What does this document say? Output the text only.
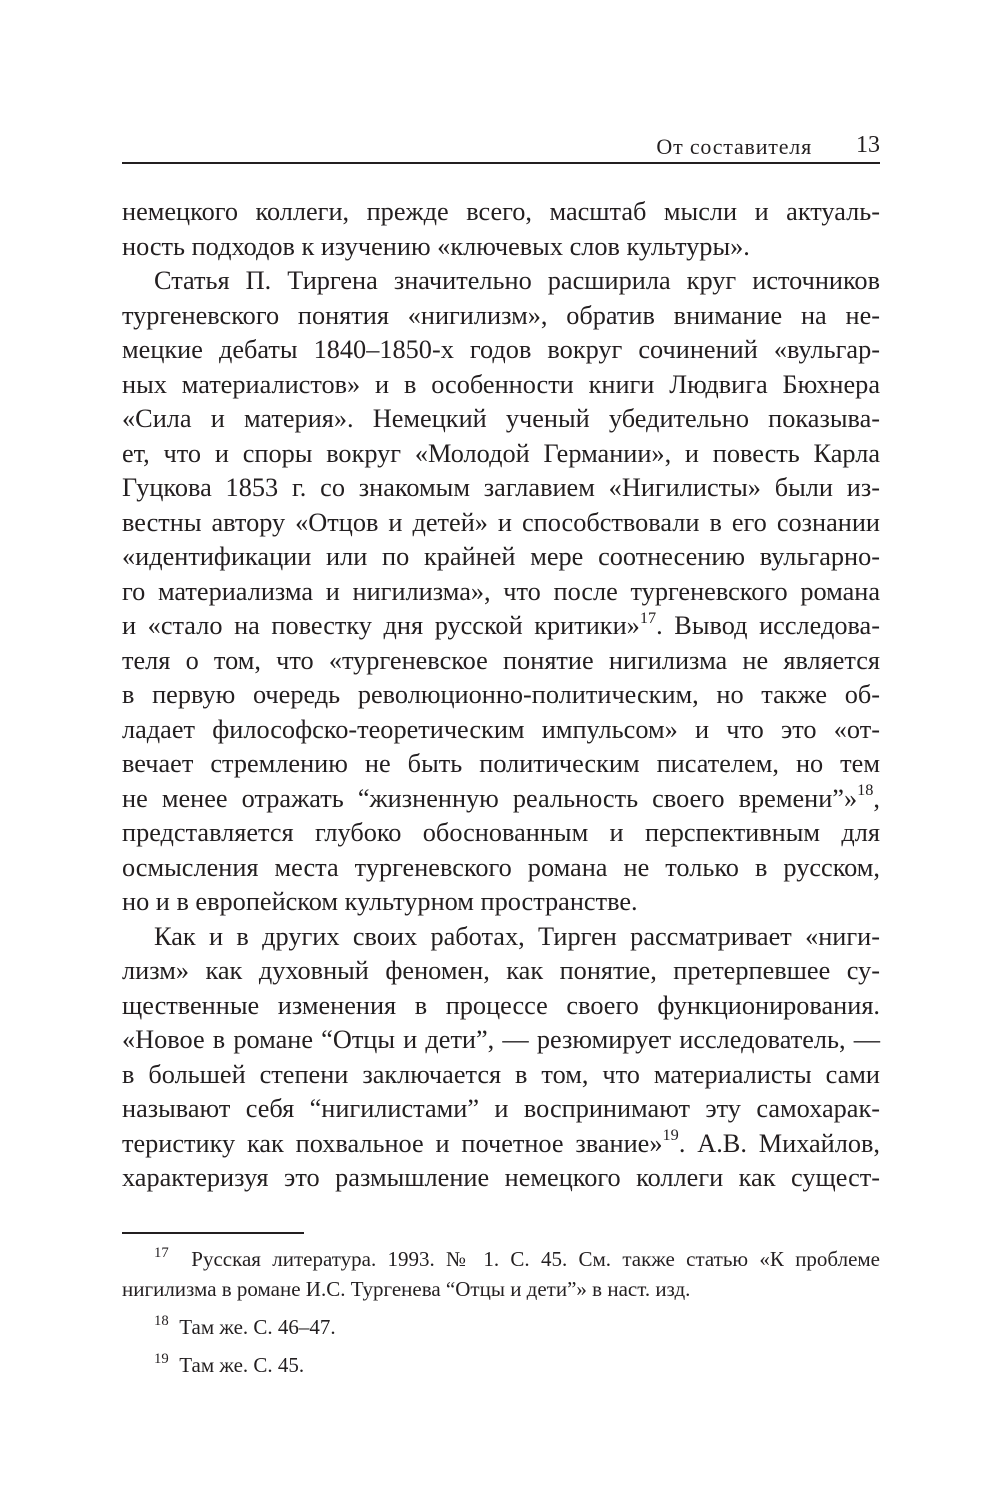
От составителя 13
немецкого коллеги, прежде всего, масштаб мысли и актуаль-
ность подходов к изучению «ключевых слов культуры».
Статья П. Тиргена значительно расширила круг источников
тургеневского понятия «нигилизм», обратив внимание на не-
мецкие дебаты 1840–1850-х годов вокруг сочинений «вульгар-
ных материалистов» и в особенности книги Людвига Бюхнера
«Сила и материя». Немецкий ученый убедительно показыва-
ет, что и споры вокруг «Молодой Германии», и повесть Карла
Гуцкова 1853 г. со знакомым заглавием «Нигилисты» были из-
вестны автору «Отцов и детей» и способствовали в его сознании
«идентификации или по крайней мере соотнесению вульгарно-
го материализма и нигилизма», что после тургеневского романа
и «стало на повестку дня русской критики»$^{17}$. Вывод исследова-
теля о том, что «тургеневское понятие нигилизма не является
в первую очередь революционно-политическим, но также об-
ладает философско-теоретическим импульсом» и что это «от-
вечает стремлению не быть политическим писателем, но тем
не менее отражать “жизненную реальность своего времени”»$^{18}$,
представляется глубоко обоснованным и перспективным для
осмысления места тургеневского романа не только в русском,
но и в европейском культурном пространстве.
Как и в других своих работах, Тирген рассматривает «ниги-
лизм» как духовный феномен, как понятие, претерпевшее су-
щественные изменения в процессе своего функционирования.
«Новое в романе “Отцы и дети”, — резюмирует исследователь, —
в большей степени заключается в том, что материалисты сами
называют себя “нигилистами” и воспринимают эту самохарак-
теристику как похвальное и почетное звание»$^{19}$. А.В. Михайлов,
характеризуя это размышление немецкого коллеги как сущест-
$^{17}$ Русская литература. 1993. № 1. С. 45. См. также статью «К проблеме
нигилизма в романе И.С. Тургенева “Отцы и дети”» в наст. изд.
$^{18}$ Там же. С. 46–47.
$^{19}$ Там же. С. 45.
